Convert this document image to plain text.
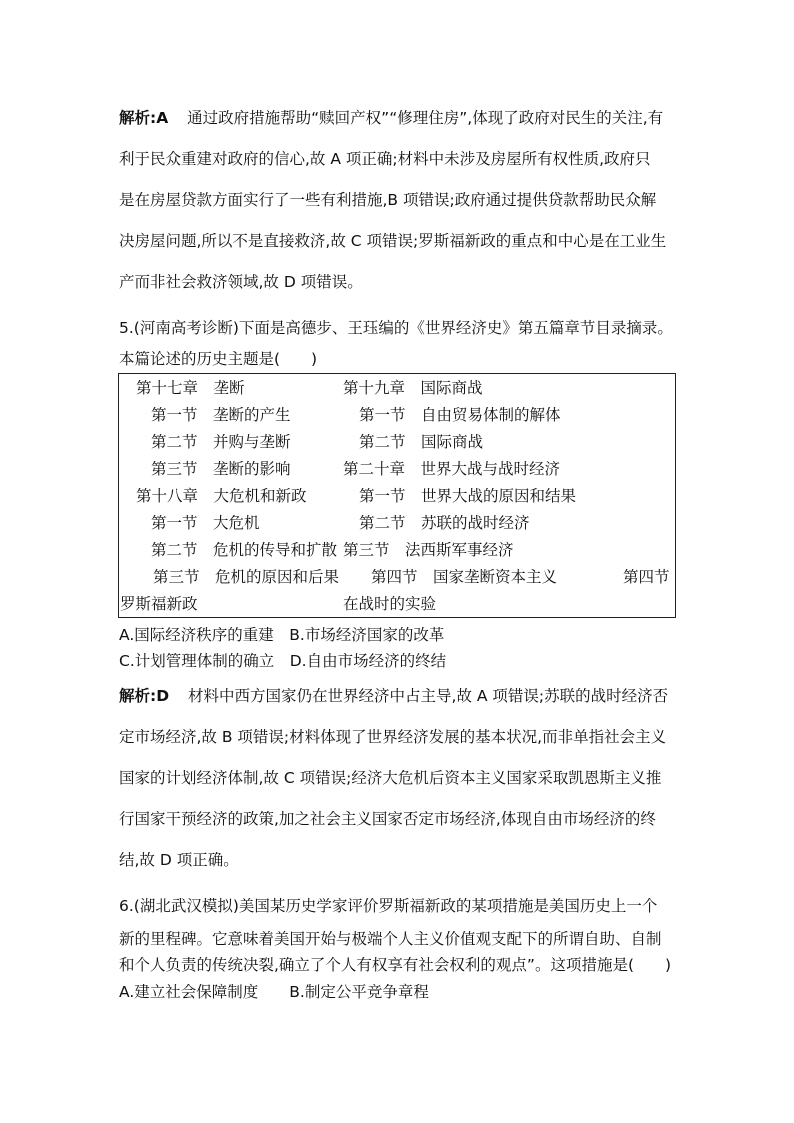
解析:A 通过政府措施帮助“赎回产权”“修理住房”,体现了政府对民生的关注,有
利于民众重建对政府的信心,故 A 项正确;材料中未涉及房屋所有权性质,政府只
是在房屋贷款方面实行了一些有利措施,B 项错误;政府通过提供贷款帮助民众解
决房屋问题,所以不是直接救济,故 C 项错误;罗斯福新政的重点和中心是在工业生
产而非社会救济领域,故 D 项错误。
5.(河南高考诊断)下面是高德步、王珏编的《世界经济史》第五篇章节目录摘录。
本篇论述的历史主题是(　　)
第十七章　垄断	第十九章　国际商战
第一节　垄断的产生	第一节　自由贸易体制的解体
第二节　并购与垄断	第二节　国际商战
第三节　垄断的影响	第二十章　世界大战与战时经济
第十八章　大危机和新政	第一节　世界大战的原因和结果
第一节　大危机	第二节　苏联的战时经济
第二节　危机的传导和扩散 第三节　法西斯军事经济
第三节　危机的原因和后果 第四节　国家垄断资本主义	第四节
罗斯福新政	在战时的实验
A.国际经济秩序的重建　B.市场经济国家的改革
C.计划管理体制的确立　D.自由市场经济的终结
解析:D 材料中西方国家仍在世界经济中占主导,故 A 项错误;苏联的战时经济否
定市场经济,故 B 项错误;材料体现了世界经济发展的基本状况,而非单指社会主义
国家的计划经济体制,故 C 项错误;经济大危机后资本主义国家采取凯恩斯主义推
行国家干预经济的政策,加之社会主义国家否定市场经济,体现自由市场经济的终
结,故 D 项正确。
6.(湖北武汉模拟)美国某历史学家评价罗斯福新政的某项措施是美国历史上一个
新的里程碑。它意味着美国开始与极端个人主义价值观支配下的所谓自助、自制
和个人负责的传统决裂,确立了个人有权享有社会权利的观点”。这项措施是(　　)
A.建立社会保障制度　　B.制定公平竞争章程
